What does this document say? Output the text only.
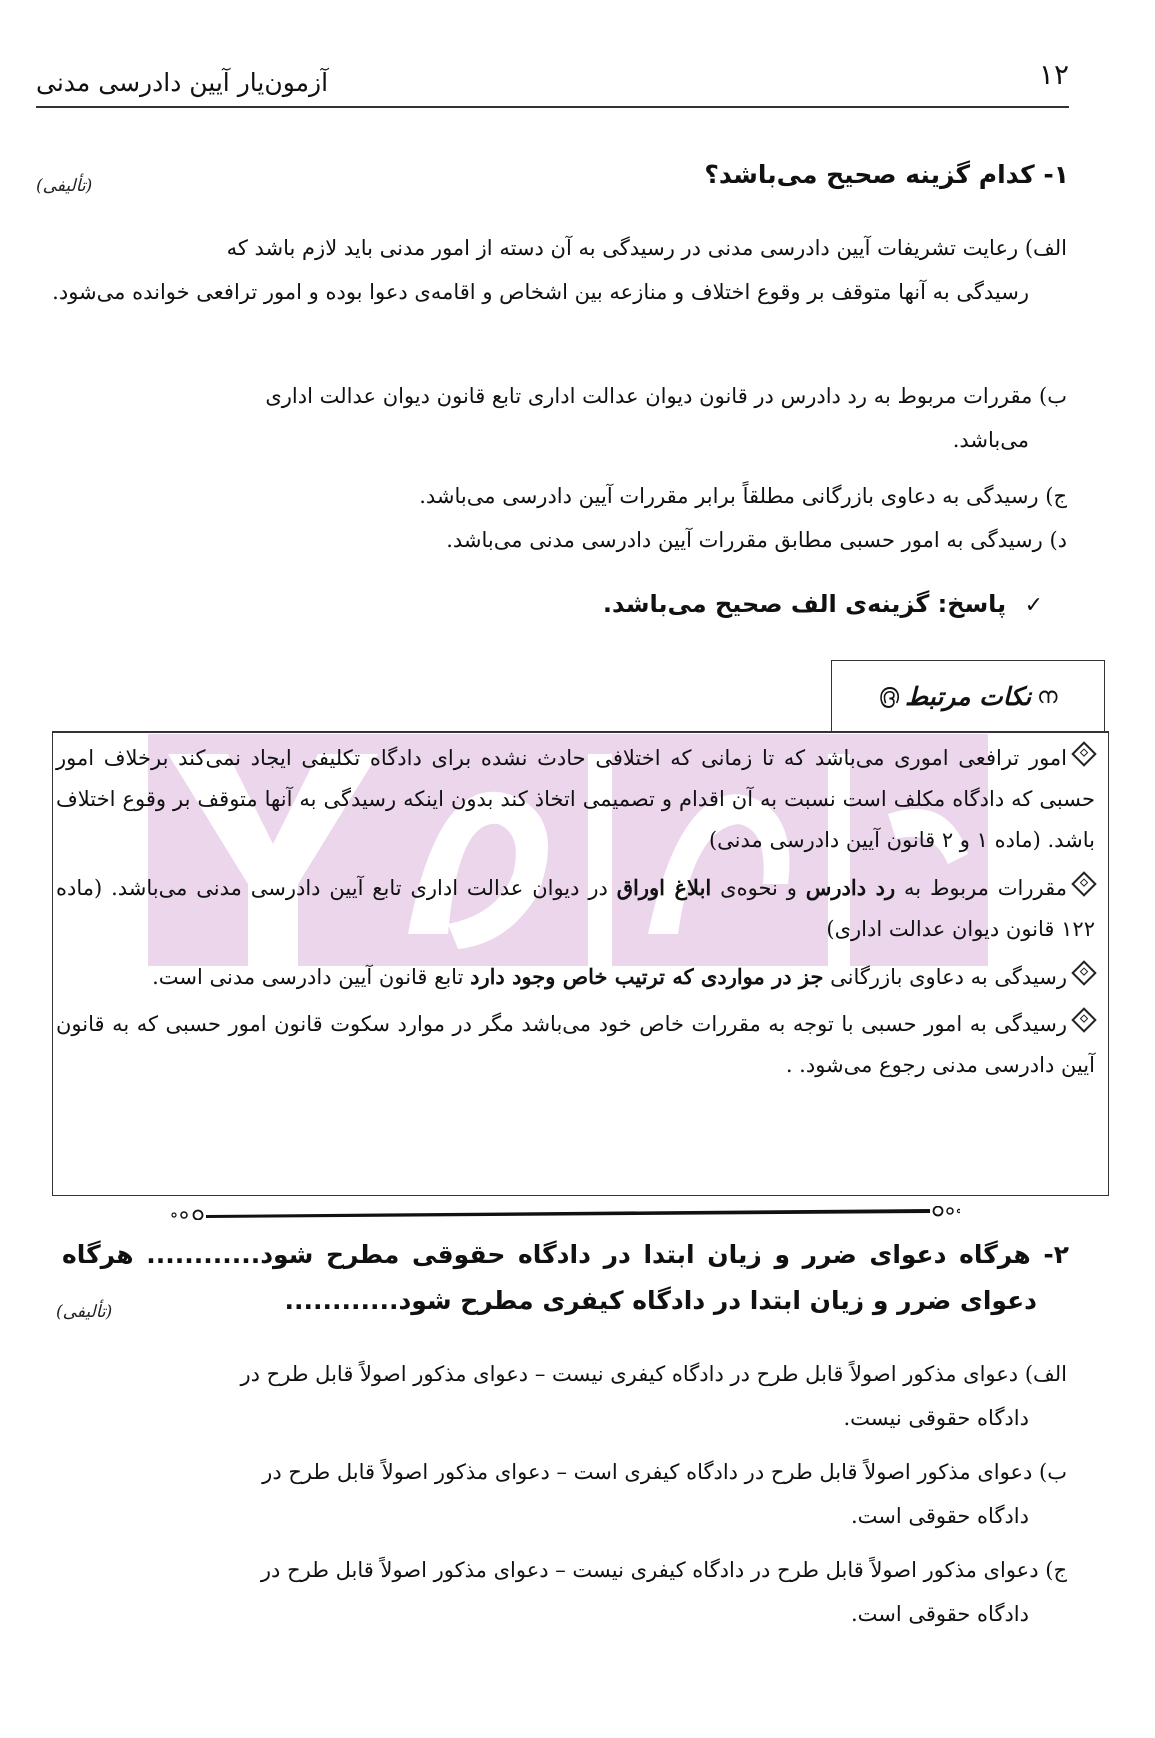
۱۲
آزمون‌یار آیین دادرسی مدنی
۱- کدام گزینه صحیح می‌باشد؟
(تألیفی)
الف) رعایت تشریفات آیین دادرسی مدنی در رسیدگی به آن دسته از امور مدنی باید لازم باشد که
رسیدگی به آنها متوقف بر وقوع اختلاف و منازعه بین اشخاص و اقامه‌ی دعوا بوده و امور ترافعی خوانده می‌شود.
ب) مقررات مربوط به رد دادرس در قانون دیوان عدالت اداری تابع قانون دیوان عدالت اداری
می‌باشد.
ج) رسیدگی به دعاوی بازرگانی مطلقاً برابر مقررات آیین دادرسی می‌باشد.
د) رسیدگی به امور حسبی مطابق مقررات آیین دادرسی مدنی می‌باشد.
✓ پاسخ: گزینه‌ی الف صحیح می‌باشد.
ന
نکات مرتبط
൫

امور ترافعی اموری می‌باشد که تا زمانی که اختلافی حادث نشده برای دادگاه تکلیفی ایجاد نمی‌کند برخلاف امور حسبی که دادگاه مکلف است نسبت به آن اقدام و تصمیمی اتخاذ کند بدون اینکه رسیدگی به آنها متوقف بر وقوع اختلاف باشد. (ماده ۱ و ۲ قانون آیین دادرسی مدنی)

مقررات مربوط به رد دادرس و نحوه‌ی ابلاغ اوراق در دیوان عدالت اداری تابع آیین دادرسی مدنی می‌باشد. (ماده ۱۲۲ قانون دیوان عدالت اداری)

رسیدگی به دعاوی بازرگانی جز در مواردی که ترتیب خاص وجود دارد تابع قانون آیین دادرسی مدنی است.

رسیدگی به امور حسبی با توجه به مقررات خاص خود می‌باشد مگر در موارد سکوت قانون امور حسبی که به قانون آیین دادرسی مدنی رجوع می‌شود. .

۲- هرگاه دعوای ضرر و زیان ابتدا در دادگاه حقوقی مطرح شود............ هرگاه
دعوای ضرر و زیان ابتدا در دادگاه کیفری مطرح شود............
(تألیفی)
الف) دعوای مذکور اصولاً قابل طرح در دادگاه کیفری نیست – دعوای مذکور اصولاً قابل طرح در
دادگاه حقوقی نیست.
ب) دعوای مذکور اصولاً قابل طرح در دادگاه کیفری است – دعوای مذکور اصولاً قابل طرح در
دادگاه حقوقی است.
ج) دعوای مذکور اصولاً قابل طرح در دادگاه کیفری نیست – دعوای مذکور اصولاً قابل طرح در
دادگاه حقوقی است.
